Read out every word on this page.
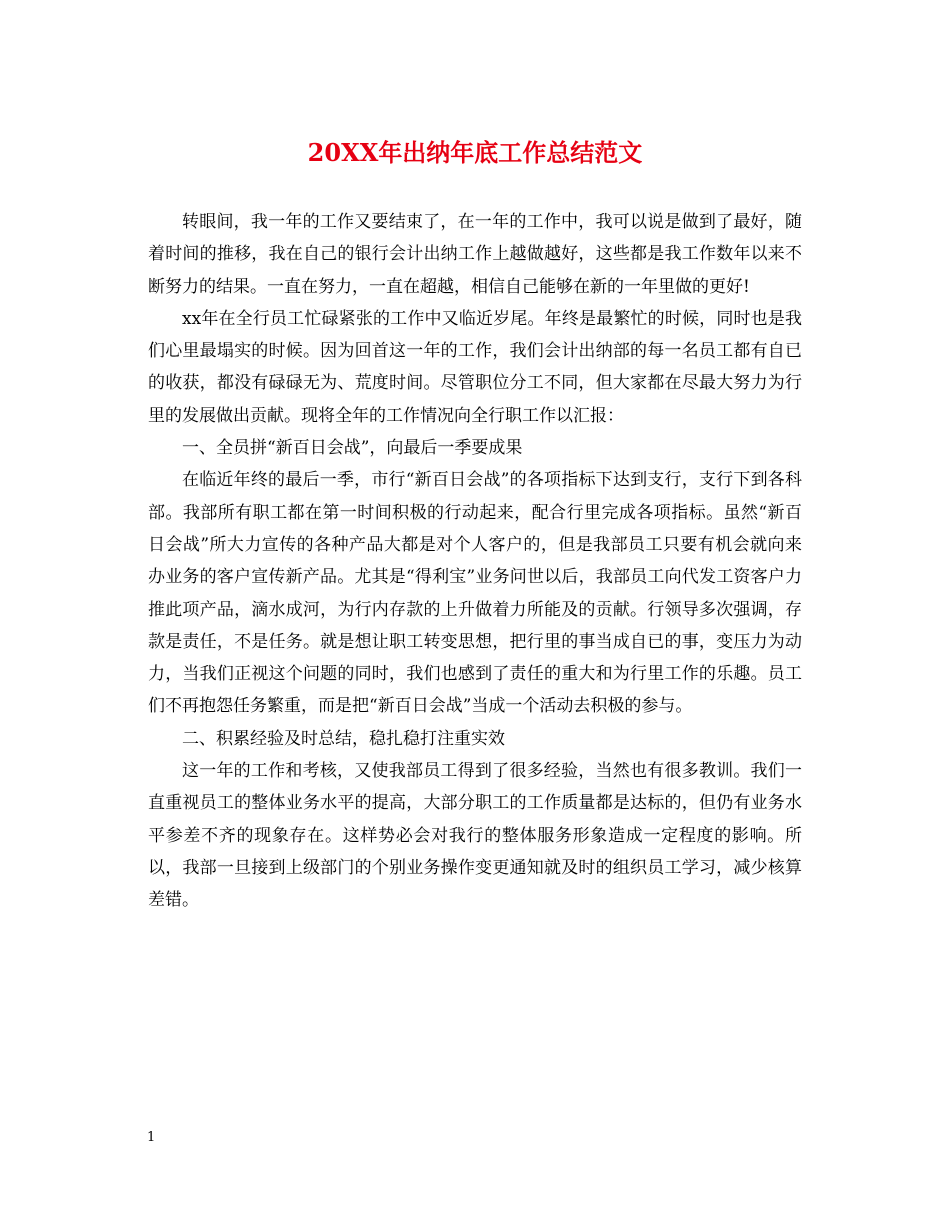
20XX年出纳年底工作总结范文

转眼间，我一年的工作又要结束了，在一年的工作中，我可以说是做到了最好，随着时间的推移，我在自己的银行会计出纳工作上越做越好，这些都是我工作数年以来不断努力的结果。一直在努力，一直在超越，相信自己能够在新的一年里做的更好!

xx年在全行员工忙碌紧张的工作中又临近岁尾。年终是最繁忙的时候，同时也是我们心里最塌实的时候。因为回首这一年的工作，我们会计出纳部的每一名员工都有自已的收获，都没有碌碌无为、荒度时间。尽管职位分工不同，但大家都在尽最大努力为行里的发展做出贡献。现将全年的工作情况向全行职工作以汇报：

一、全员拼“新百日会战”，向最后一季要成果

在临近年终的最后一季，市行“新百日会战”的各项指标下达到支行，支行下到各科部。我部所有职工都在第一时间积极的行动起来，配合行里完成各项指标。虽然“新百日会战”所大力宣传的各种产品大都是对个人客户的，但是我部员工只要有机会就向来办业务的客户宣传新产品。尤其是“得利宝”业务问世以后，我部员工向代发工资客户力推此项产品，滴水成河，为行内存款的上升做着力所能及的贡献。行领导多次强调，存款是责任，不是任务。就是想让职工转变思想，把行里的事当成自已的事，变压力为动力，当我们正视这个问题的同时，我们也感到了责任的重大和为行里工作的乐趣。员工们不再抱怨任务繁重，而是把“新百日会战”当成一个活动去积极的参与。

二、积累经验及时总结，稳扎稳打注重实效

这一年的工作和考核，又使我部员工得到了很多经验，当然也有很多教训。我们一直重视员工的整体业务水平的提高，大部分职工的工作质量都是达标的，但仍有业务水平参差不齐的现象存在。这样势必会对我行的整体服务形象造成一定程度的影响。所以，我部一旦接到上级部门的个别业务操作变更通知就及时的组织员工学习，减少核算差错。

1
